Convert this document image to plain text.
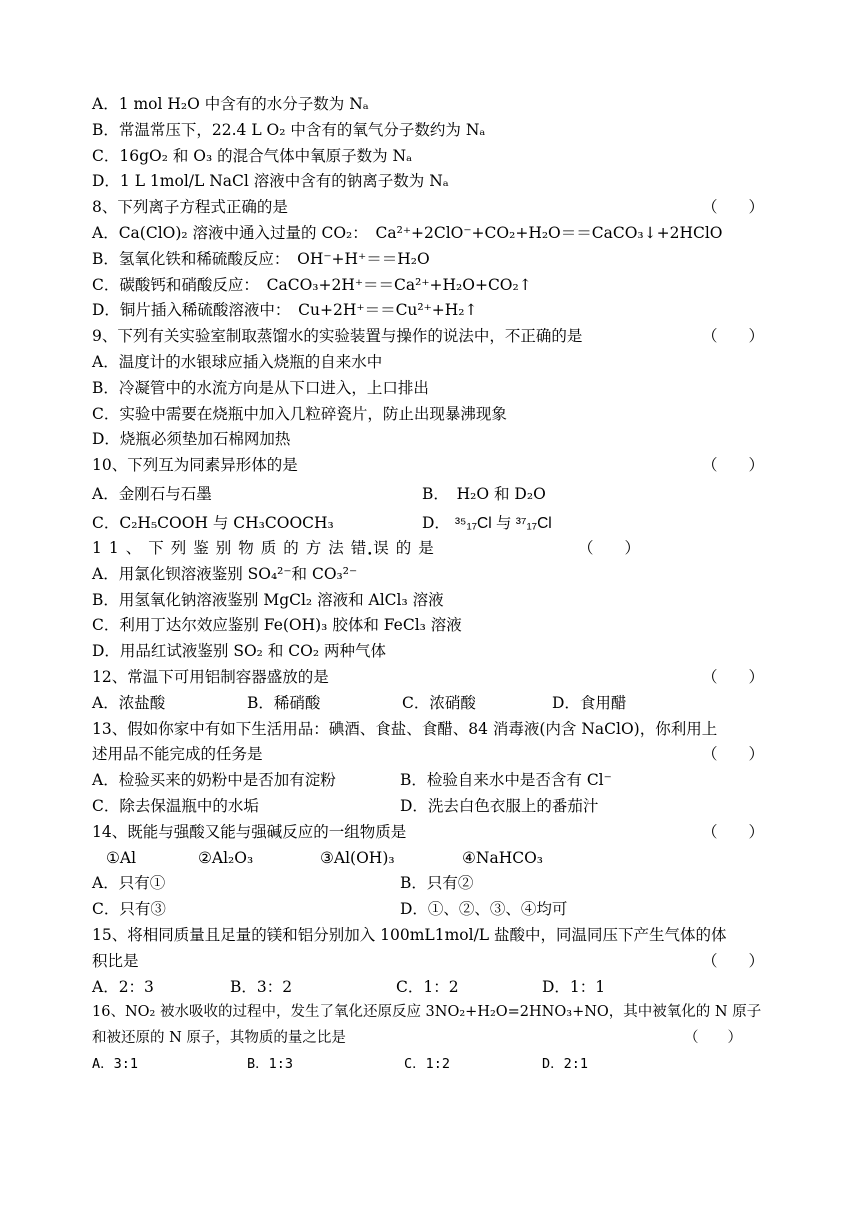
A．1 mol H₂O 中含有的水分子数为 Nₐ
B．常温常压下，22.4 L O₂ 中含有的氧气分子数约为 Nₐ
C．16gO₂ 和 O₃ 的混合气体中氧原子数为 Nₐ
D．1 L 1mol/L NaCl 溶液中含有的钠离子数为 Nₐ
8、下列离子方程式正确的是	（　　）
A．Ca(ClO)₂ 溶液中通入过量的 CO₂：　Ca²⁺+2ClO⁻+CO₂+H₂O＝＝CaCO₃↓+2HClO
B．氢氧化铁和稀硫酸反应：　OH⁻+H⁺＝＝H₂O
C．碳酸钙和硝酸反应：　CaCO₃+2H⁺＝＝Ca²⁺+H₂O+CO₂↑
D．铜片插入稀硫酸溶液中：　Cu+2H⁺＝＝Cu²⁺+H₂↑
9、下列有关实验室制取蒸馏水的实验装置与操作的说法中，不正确的是	（　　）
A．温度计的水银球应插入烧瓶的自来水中
B．冷凝管中的水流方向是从下口进入，上口排出
C．实验中需要在烧瓶中加入几粒碎瓷片，防止出现暴沸现象
D．烧瓶必须垫加石棉网加热
10、下列互为同素异形体的是	（　　）
A．金刚石与石墨	B．　H₂O 和 D₂O
C．C₂H₅COOH 与 CH₃COOCH₃	D． ³⁵₁₇Cl 与 ³⁷₁₇Cl
11、下列鉴别物质的方法错误的是	（　　）
A．用氯化钡溶液鉴别 SO₄²⁻和 CO₃²⁻
B．用氢氧化钠溶液鉴别 MgCl₂ 溶液和 AlCl₃ 溶液
C．利用丁达尔效应鉴别 Fe(OH)₃ 胶体和 FeCl₃ 溶液
D．用品红试液鉴别 SO₂ 和 CO₂ 两种气体
12、常温下可用铝制容器盛放的是	（　　）
A．浓盐酸	B．稀硝酸	C．浓硝酸	D．食用醋
13、假如你家中有如下生活用品：碘酒、食盐、食醋、84 消毒液(内含 NaClO)，你利用上
述用品不能完成的任务是	（　　）
A．检验买来的奶粉中是否加有淀粉	B．检验自来水中是否含有 Cl⁻
C．除去保温瓶中的水垢	D．洗去白色衣服上的番茄汁
14、既能与强酸又能与强碱反应的一组物质是	（　　）
①Al	②Al₂O₃	③Al(OH)₃	④NaHCO₃
A．只有①	B．只有②
C．只有③	D．①、②、③、④均可
15、将相同质量且足量的镁和铝分别加入 100mL1mol/L 盐酸中，同温同压下产生气体的体
积比是	（　　）
A．2：3	B．3：2	C．1：2	D．1：1
16、NO₂ 被水吸收的过程中，发生了氧化还原反应 3NO₂+H₂O=2HNO₃+NO，其中被氧化的 N 原子
和被还原的 N 原子，其物质的量之比是	（　　）
A．3:1	B．1:3	C．1:2	D．2:1
